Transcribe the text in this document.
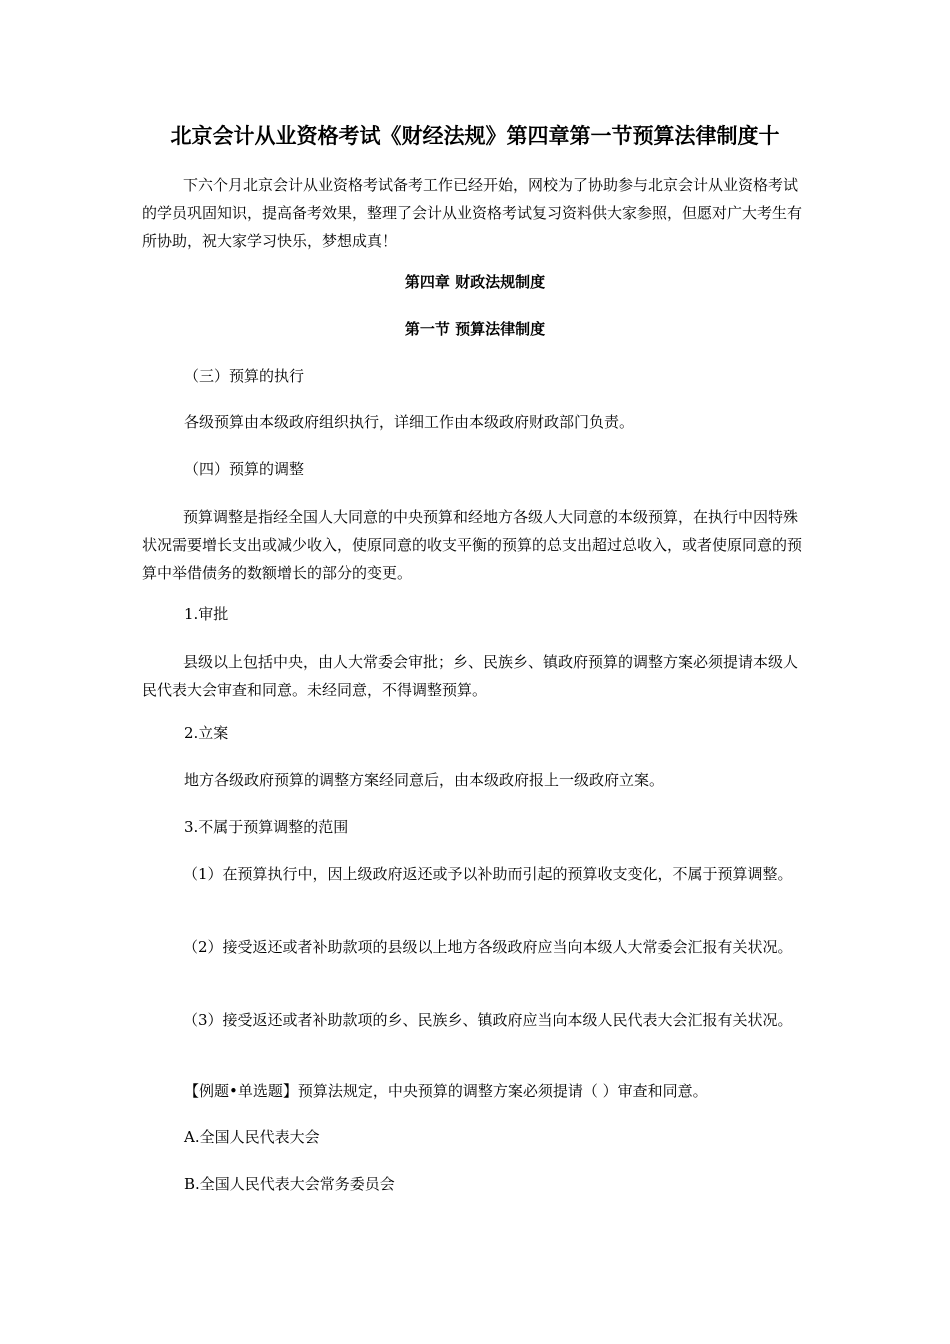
北京会计从业资格考试《财经法规》第四章第一节预算法律制度十

下六个月北京会计从业资格考试备考工作已经开始，网校为了协助参与北京会计从业资格考试的学员巩固知识，提高备考效果，整理了会计从业资格考试复习资料供大家参照，但愿对广大考生有所协助，祝大家学习快乐，梦想成真！

第四章 财政法规制度
第一节 预算法律制度
（三）预算的执行
各级预算由本级政府组织执行，详细工作由本级政府财政部门负责。
（四）预算的调整

预算调整是指经全国人大同意的中央预算和经地方各级人大同意的本级预算，在执行中因特殊状况需要增长支出或减少收入，使原同意的收支平衡的预算的总支出超过总收入，或者使原同意的预算中举借债务的数额增长的部分的变更。

1.审批

县级以上包括中央，由人大常委会审批；乡、民族乡、镇政府预算的调整方案必须提请本级人民代表大会审查和同意。未经同意，不得调整预算。

2.立案
地方各级政府预算的调整方案经同意后，由本级政府报上一级政府立案。
3.不属于预算调整的范围

（1）在预算执行中，因上级政府返还或予以补助而引起的预算收支变化，不属于预算调整。

（2）接受返还或者补助款项的县级以上地方各级政府应当向本级人大常委会汇报有关状况。

（3）接受返还或者补助款项的乡、民族乡、镇政府应当向本级人民代表大会汇报有关状况。

【例题•单选题】预算法规定，中央预算的调整方案必须提请（ ）审查和同意。
A.全国人民代表大会
B.全国人民代表大会常务委员会
